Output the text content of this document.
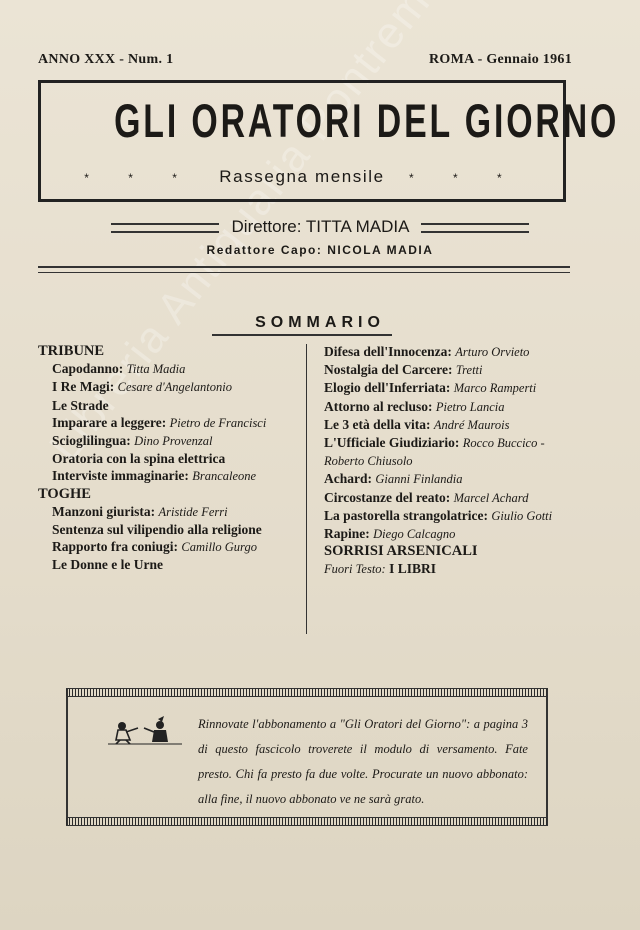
ANNO XXX - Num. 1	ROMA - Gennaio 1961
GLI ORATORI DEL GIORNO
* * * Rassegna mensile * * *
Direttore: TITTA MADIA
Redattore Capo: NICOLA MADIA
SOMMARIO
TRIBUNE
Capodanno: Titta Madia
I Re Magi: Cesare d'Angelantonio
Le Strade
Imparare a leggere: Pietro de Francisci
Scioglilingua: Dino Provenzal
Oratoria con la spina elettrica
Interviste immaginarie: Brancaleone
TOGHE
Manzoni giurista: Aristide Ferri
Sentenza sul vilipendio alla religione
Rapporto fra coniugi: Camillo Gurgo
Le Donne e le Urne
Difesa dell'Innocenza: Arturo Orvieto
Nostalgia del Carcere: Tretti
Elogio dell'Inferriata: Marco Ramperti
Attorno al recluso: Pietro Lancia
Le 3 età della vita: André Maurois
L'Ufficiale Giudiziario: Rocco Buccico - Roberto Chiusolo
Achard: Gianni Finlandia
Circostanze del reato: Marcel Achard
La pastorella strangolatrice: Giulio Gotti
Rapine: Diego Calcagno
SORRISI ARSENICALI
Fuori Testo: I LIBRI
Rinnovate l'abbonamento a "Gli Oratori del Giorno": a pagina 3 di questo fascicolo troverete il modulo di versamento. Fate presto. Chi fa presto fa due volte. Procurate un nuovo abbonato: alla fine, il nuovo abbonato ve ne sarà grato.
